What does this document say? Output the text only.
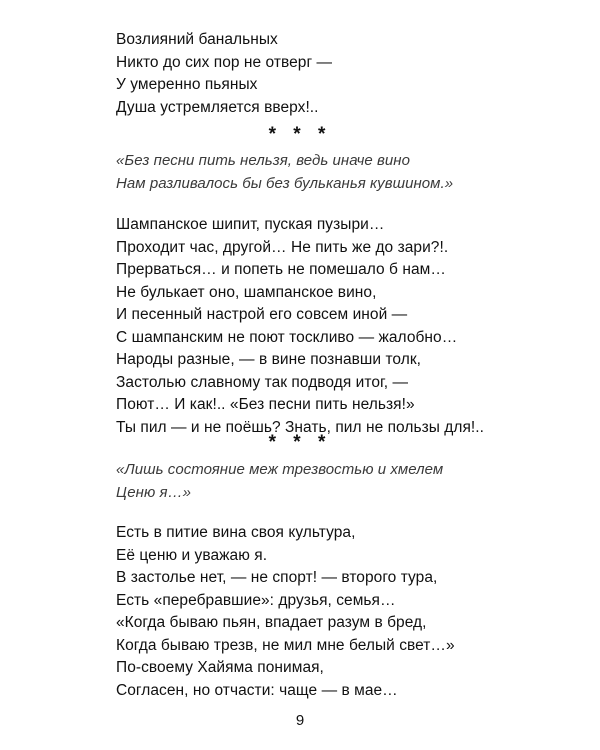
Возлияний банальных
Никто до сих пор не отверг —
У умеренно пьяных
Душа устремляется вверх!..
* * *
«Без песни пить нельзя, ведь иначе вино
Нам разливалось бы без бульканья кувшином.»
Шампанское шипит, пуская пузыри…
Проходит час, другой… Не пить же до зари?!.
Прерваться… и попеть не помешало б нам…
Не булькает оно, шампанское вино,
И песенный настрой его совсем иной —
С шампанским не поют тоскливо — жалобно…
Народы разные, — в вине познавши толк,
Застолью славному так подводя итог, —
Поют… И как!.. «Без песни пить нельзя!»
Ты пил — и не поёшь? Знать, пил не пользы для!..
* * *
«Лишь состояние меж трезвостью и хмелем
Ценю я…»
Есть в питие вина своя культура,
Её ценю и уважаю я.
В застолье нет, — не спорт! — второго тура,
Есть «перебравшие»: друзья, семья…
«Когда бываю пьян, впадает разум в бред,
Когда бываю трезв, не мил мне белый свет…»
По-своему Хайяма понимая,
Согласен, но отчасти: чаще — в мае…
9
